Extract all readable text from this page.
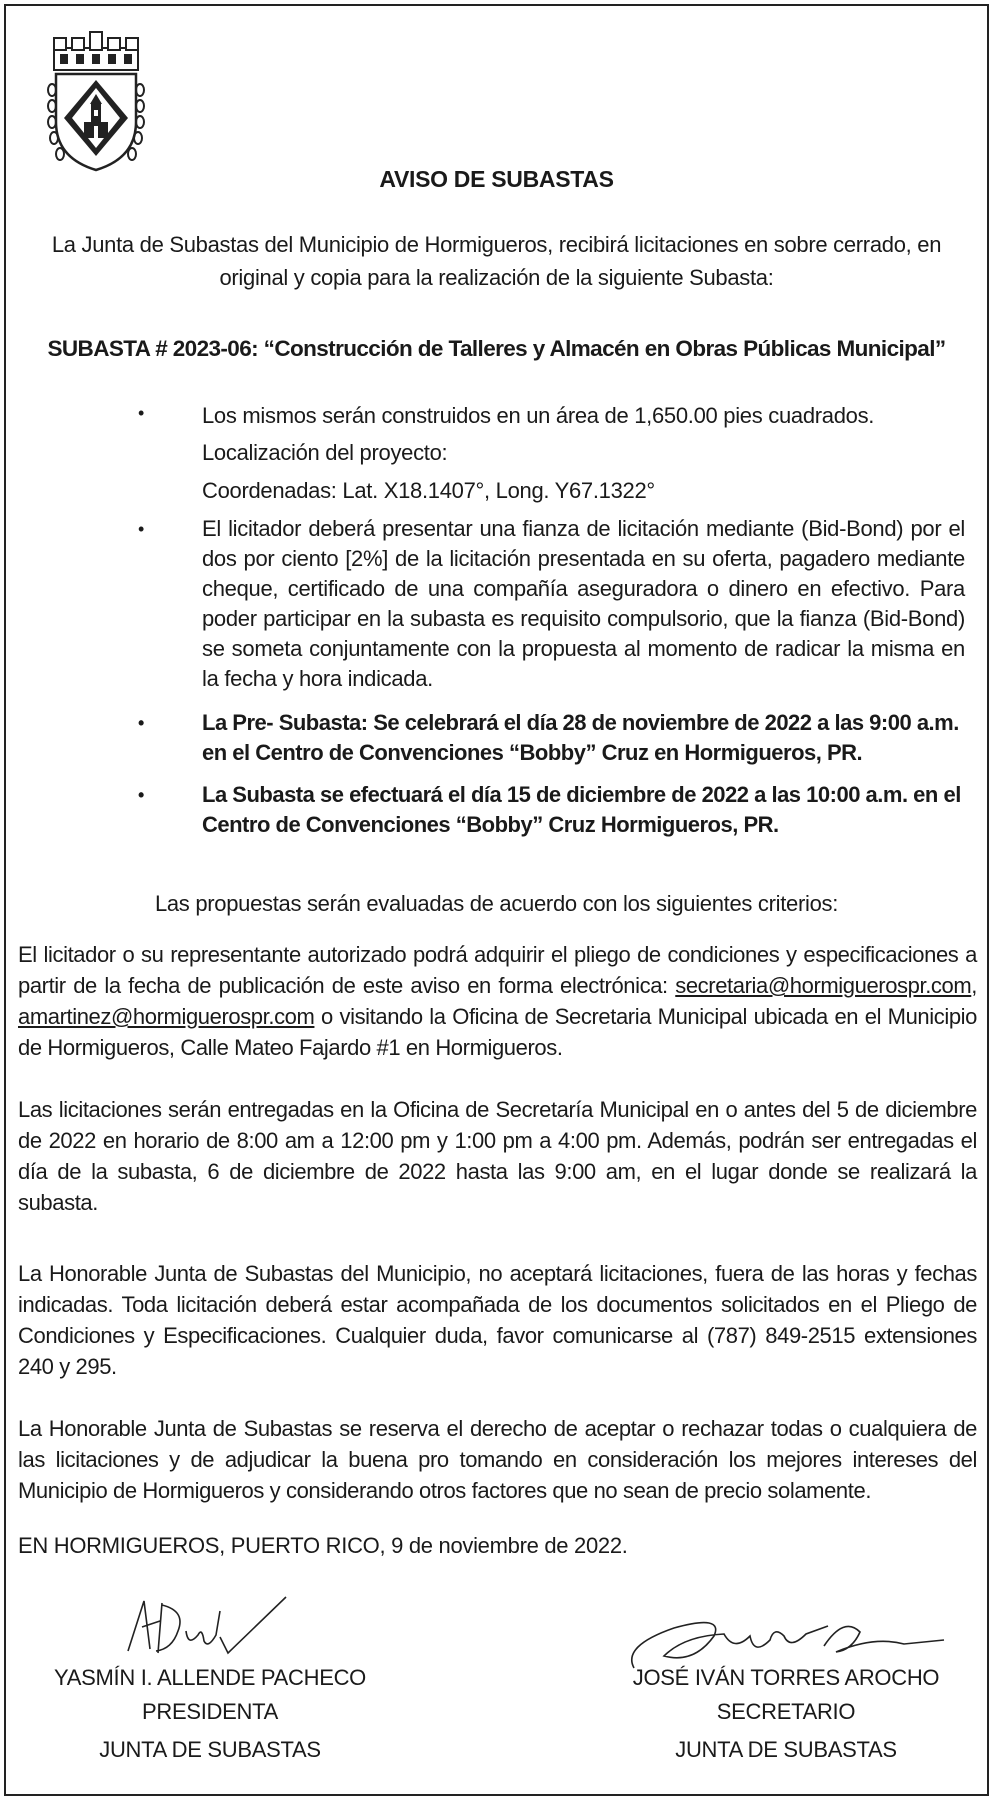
AVISO DE SUBASTAS
La Junta de Subastas del Municipio de Hormigueros, recibirá licitaciones en sobre cerrado, en original y copia para la realización de la siguiente Subasta:
SUBASTA # 2023-06: “Construcción de Talleres y Almacén en Obras Públicas Municipal”
•	Los mismos serán construidos en un área de 1,650.00 pies cuadrados.

Localización del proyecto:

Coordenadas: Lat. X18.1407°, Long. Y67.1322°

•	El licitador deberá presentar una fianza de licitación mediante (Bid-Bond) por el dos por ciento [2%] de la licitación presentada en su oferta, pagadero mediante cheque, certificado de una compañía aseguradora o dinero en efectivo. Para poder participar en la subasta es requisito compulsorio, que la fianza (Bid-Bond) se someta conjuntamente con la propuesta al momento de radicar la misma en la fecha y hora indicada.

•	La Pre- Subasta: Se celebrará el día 28 de noviembre de 2022 a las 9:00 a.m. en el Centro de Convenciones “Bobby” Cruz en Hormigueros, PR.

•	La Subasta se efectuará el día 15 de diciembre de 2022 a las 10:00 a.m. en el Centro de Convenciones “Bobby” Cruz Hormigueros, PR.

Las propuestas serán evaluadas de acuerdo con los siguientes criterios:
El licitador o su representante autorizado podrá adquirir el pliego de condiciones y especificaciones a partir de la fecha de publicación de este aviso en forma electrónica: secretaria@hormiguerospr.com, amartinez@hormiguerospr.com o visitando la Oficina de Secretaria Municipal ubicada en el Municipio de Hormigueros, Calle Mateo Fajardo #1 en Hormigueros.
Las licitaciones serán entregadas en la Oficina de Secretaría Municipal en o antes del 5 de diciembre de 2022 en horario de 8:00 am a 12:00 pm y 1:00 pm a 4:00 pm. Además, podrán ser entregadas el día de la subasta, 6 de diciembre de 2022 hasta las 9:00 am, en el lugar donde se realizará la subasta.
La Honorable Junta de Subastas del Municipio, no aceptará licitaciones, fuera de las horas y fechas indicadas. Toda licitación deberá estar acompañada de los documentos solicitados en el Pliego de Condiciones y Especificaciones. Cualquier duda, favor comunicarse al (787) 849-2515 extensiones 240 y 295.
La Honorable Junta de Subastas se reserva el derecho de aceptar o rechazar todas o cualquiera de las licitaciones y de adjudicar la buena pro tomando en consideración los mejores intereses del Municipio de Hormigueros y considerando otros factores que no sean de precio solamente.
EN HORMIGUEROS, PUERTO RICO, 9 de noviembre de 2022.
YASMÍN I. ALLENDE PACHECO
PRESIDENTA
JUNTA DE SUBASTAS
JOSÉ IVÁN TORRES AROCHO
SECRETARIO
JUNTA DE SUBASTAS
